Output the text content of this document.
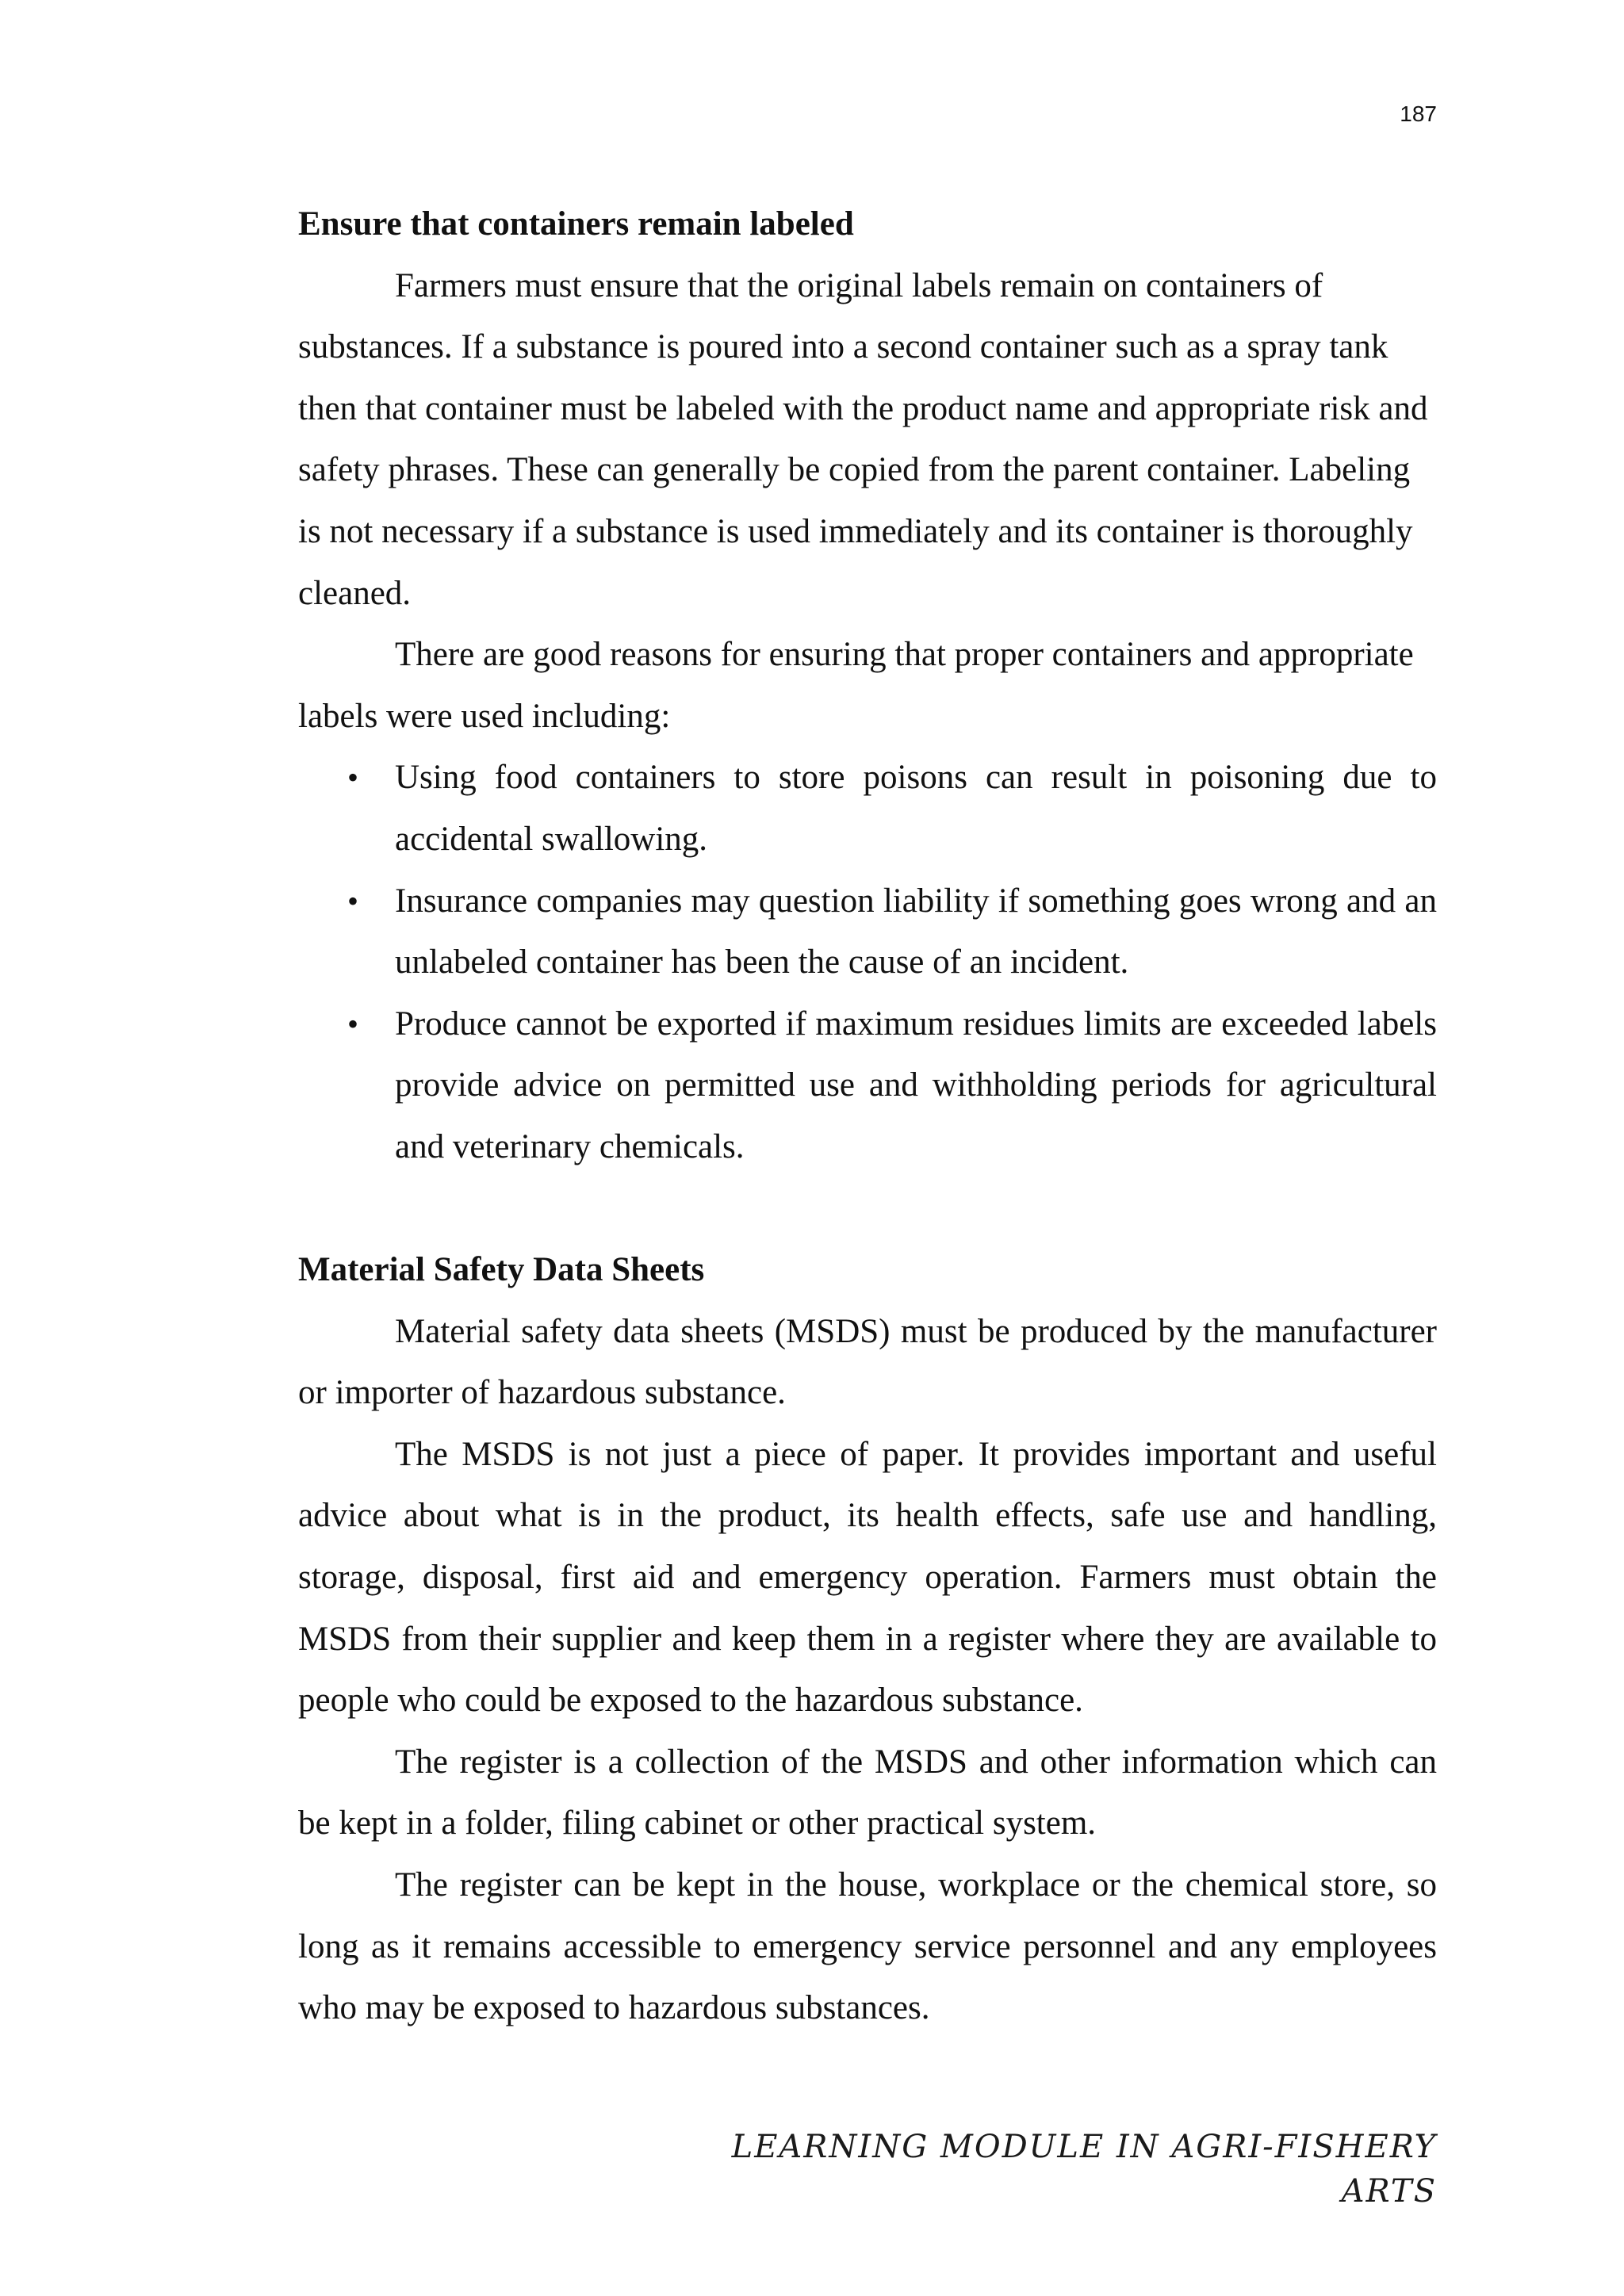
187

Ensure that containers remain labeled

Farmers must ensure that the original labels remain on containers of substances. If a substance is poured into a second container such as a spray tank then that container must be labeled with the product name and appropriate risk and safety phrases. These can generally be copied from the parent container. Labeling is not necessary if a substance is used immediately and its container is thoroughly cleaned.

There are good reasons for ensuring that proper containers and appropriate labels were used including:

• Using food containers to store poisons can result in poisoning due to accidental swallowing.
• Insurance companies may question liability if something goes wrong and an unlabeled container has been the cause of an incident.
• Produce cannot be exported if maximum residues limits are exceeded labels provide advice on permitted use and withholding periods for agricultural and veterinary chemicals.

Material Safety Data Sheets

Material safety data sheets (MSDS) must be produced by the manufacturer or importer of hazardous substance.

The MSDS is not just a piece of paper. It provides important and useful advice about what is in the product, its health effects, safe use and handling, storage, disposal, first aid and emergency operation. Farmers must obtain the MSDS from their supplier and keep them in a register where they are available to people who could be exposed to the hazardous substance.

The register is a collection of the MSDS and other information which can be kept in a folder, filing cabinet or other practical system.

The register can be kept in the house, workplace or the chemical store, so long as it remains accessible to emergency service personnel and any employees who may be exposed to hazardous substances.

LEARNING MODULE IN AGRI-FISHERY ARTS
